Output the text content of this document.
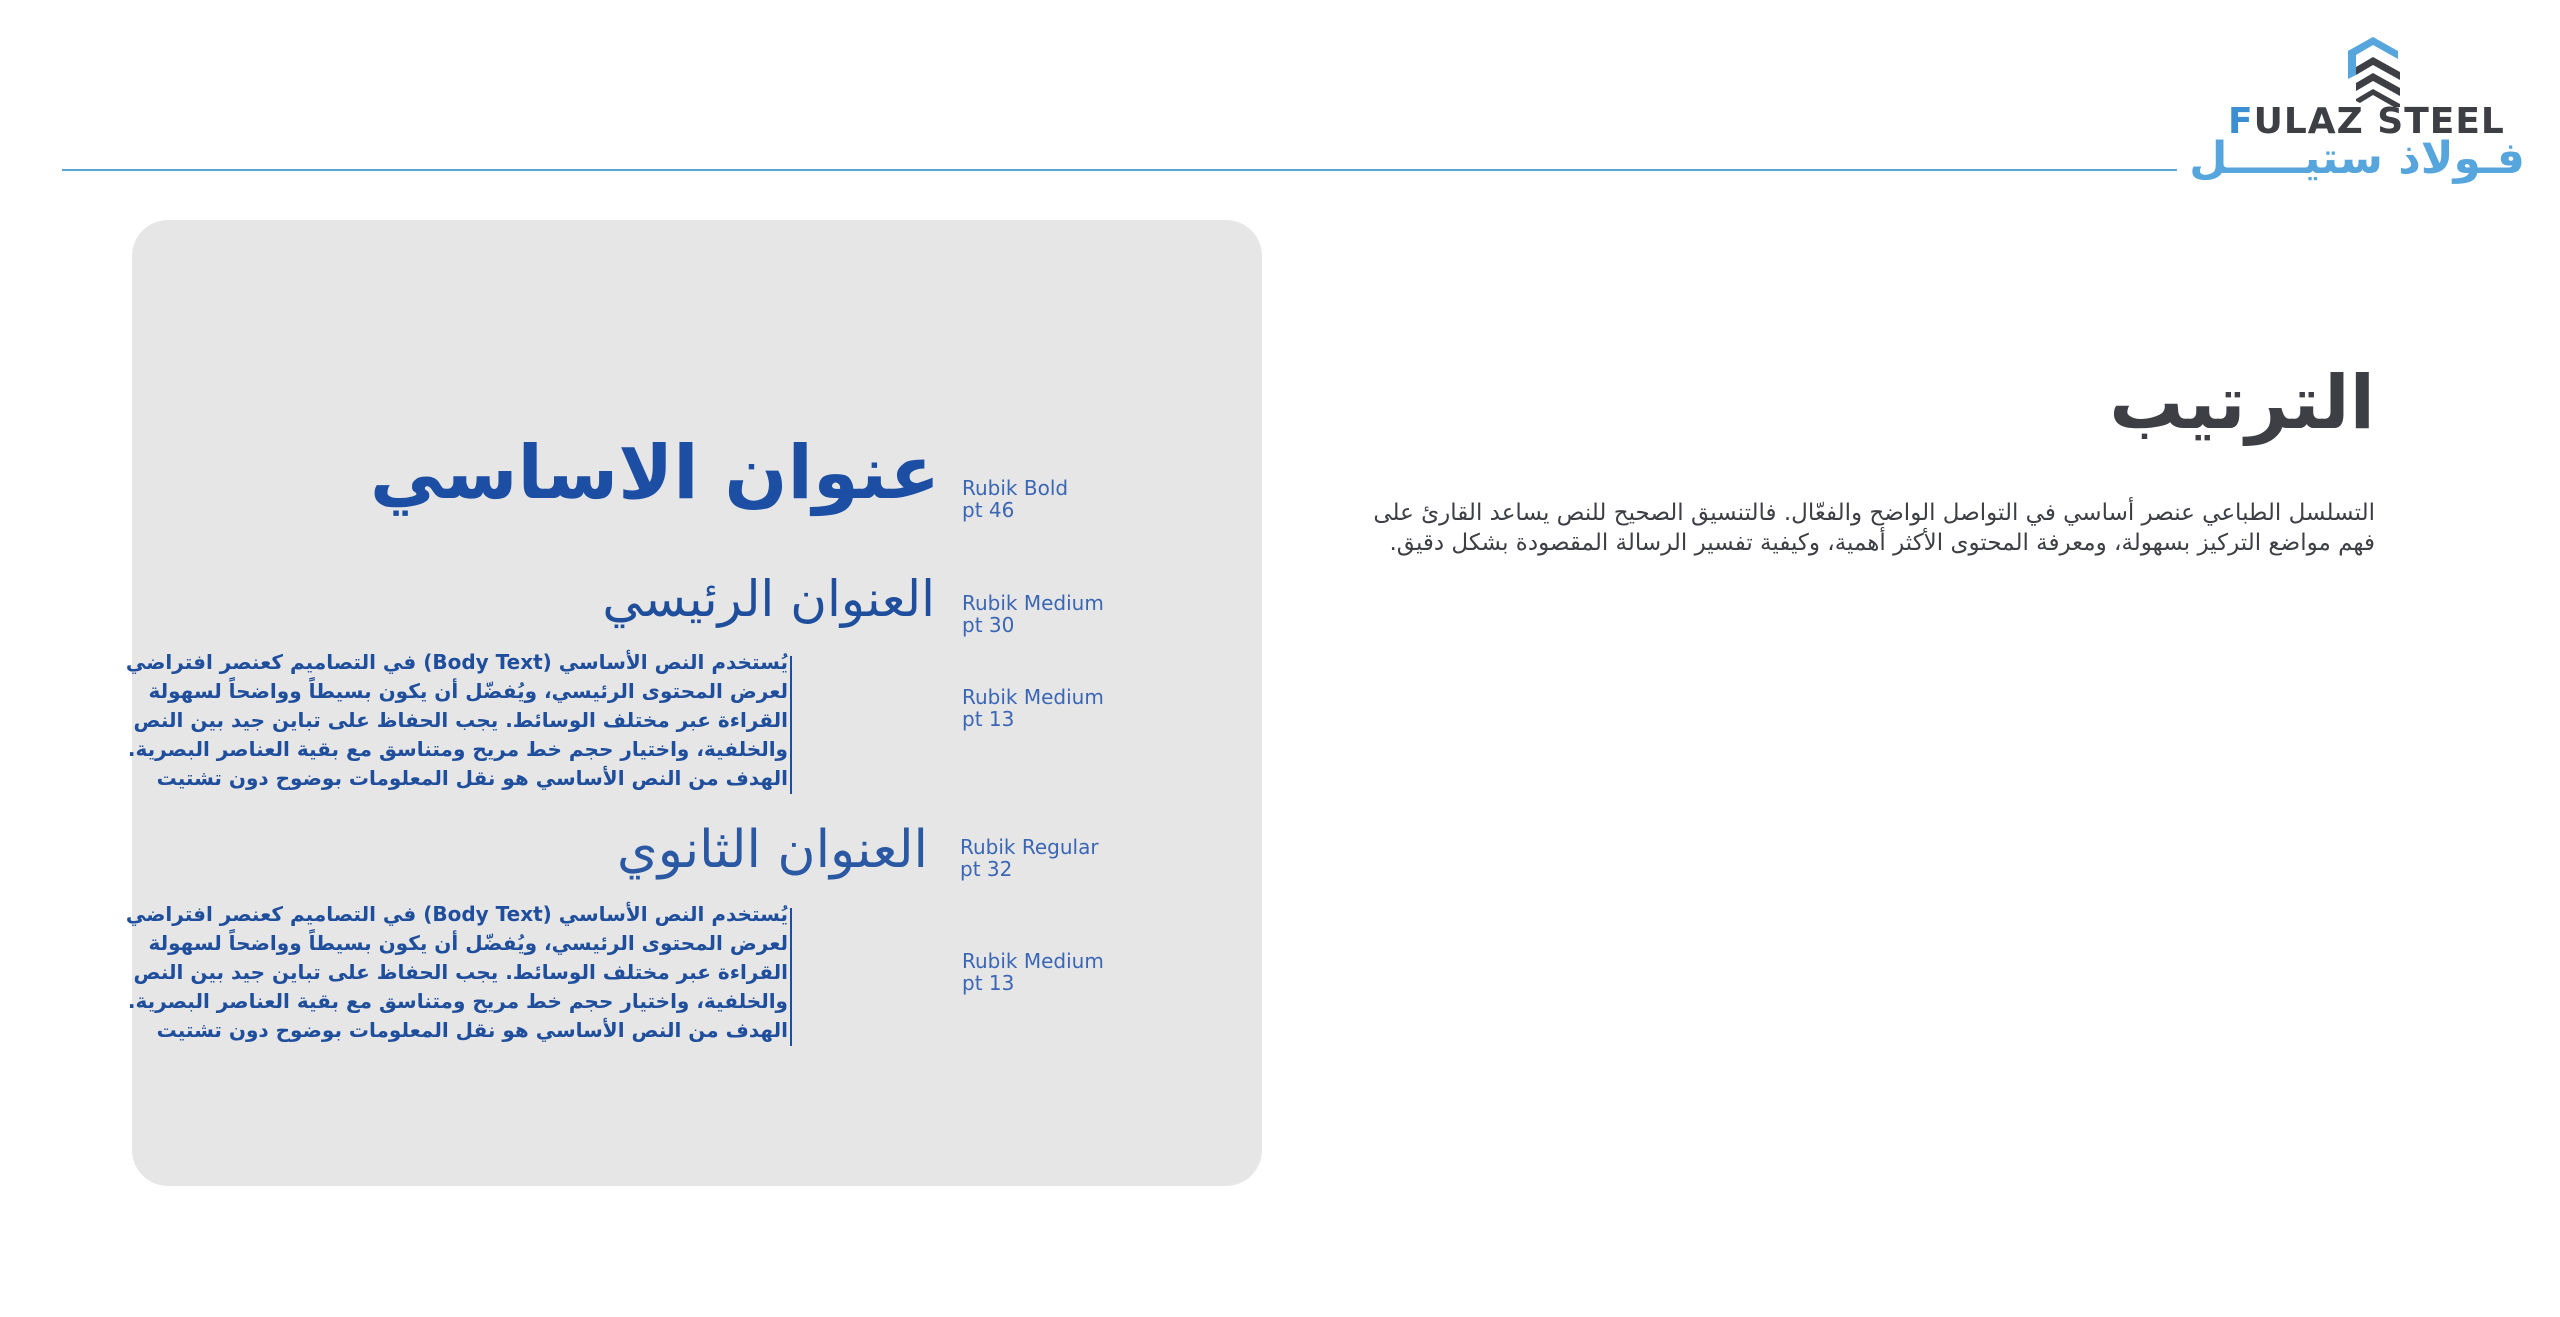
FULAZ STEEL
فـولاذ ستيـــــل
الترتيب
التسلسل الطباعي عنصر أساسي في التواصل الواضح والفعّال. فالتنسيق الصحيح للنص يساعد القارئ على فهم مواضع التركيز بسهولة، ومعرفة المحتوى الأكثر أهمية، وكيفية تفسير الرسالة المقصودة بشكل دقيق.
عنوان الاساسي
العنوان الرئيسي
يُستخدم النص الأساسي (Body Text) في التصاميم كعنصر افتراضي
لعرض المحتوى الرئيسي، ويُفضّل أن يكون بسيطاً وواضحاً لسهولة
القراءة عبر مختلف الوسائط. يجب الحفاظ على تباين جيد بين النص
والخلفية، واختيار حجم خط مريح ومتناسق مع بقية العناصر البصرية.
الهدف من النص الأساسي هو نقل المعلومات بوضوح دون تشتيت
العنوان الثانوي
يُستخدم النص الأساسي (Body Text) في التصاميم كعنصر افتراضي
لعرض المحتوى الرئيسي، ويُفضّل أن يكون بسيطاً وواضحاً لسهولة
القراءة عبر مختلف الوسائط. يجب الحفاظ على تباين جيد بين النص
والخلفية، واختيار حجم خط مريح ومتناسق مع بقية العناصر البصرية.
الهدف من النص الأساسي هو نقل المعلومات بوضوح دون تشتيت
Rubik Bold
pt 46
Rubik Medium
pt 30
Rubik Medium
pt 13
Rubik Regular
pt 32
Rubik Medium
pt 13
